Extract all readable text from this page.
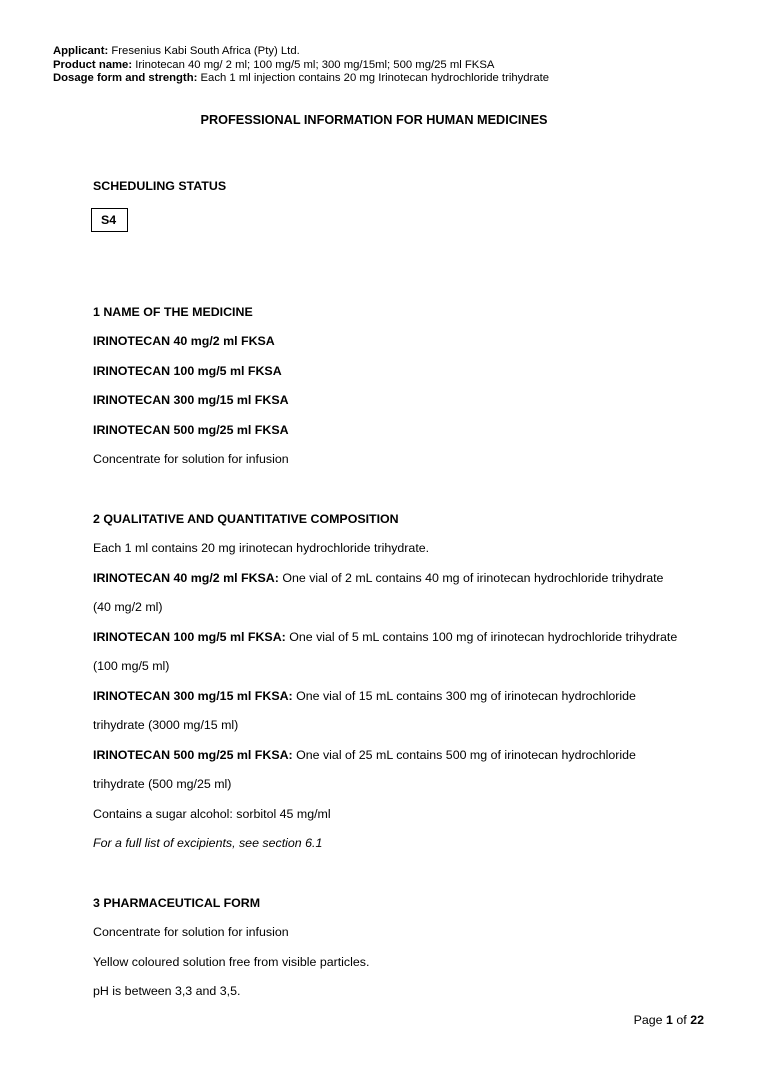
Applicant: Fresenius Kabi South Africa (Pty) Ltd.
Product name: Irinotecan 40 mg/ 2 ml; 100 mg/5 ml; 300 mg/15ml; 500 mg/25 ml FKSA
Dosage form and strength: Each 1 ml injection contains 20 mg Irinotecan hydrochloride trihydrate
PROFESSIONAL INFORMATION FOR HUMAN MEDICINES
SCHEDULING STATUS
S4
1 NAME OF THE MEDICINE
IRINOTECAN 40 mg/2 ml FKSA
IRINOTECAN 100 mg/5 ml FKSA
IRINOTECAN 300 mg/15 ml FKSA
IRINOTECAN 500 mg/25 ml FKSA
Concentrate for solution for infusion
2 QUALITATIVE AND QUANTITATIVE COMPOSITION
Each 1 ml contains 20 mg irinotecan hydrochloride trihydrate.
IRINOTECAN 40 mg/2 ml FKSA: One vial of 2 mL contains 40 mg of irinotecan hydrochloride trihydrate
(40 mg/2 ml)
IRINOTECAN 100 mg/5 ml FKSA: One vial of 5 mL contains 100 mg of irinotecan hydrochloride trihydrate
(100 mg/5 ml)
IRINOTECAN 300 mg/15 ml FKSA: One vial of 15 mL contains 300 mg of irinotecan hydrochloride
trihydrate (3000 mg/15 ml)
IRINOTECAN 500 mg/25 ml FKSA: One vial of 25 mL contains 500 mg of irinotecan hydrochloride
trihydrate (500 mg/25 ml)
Contains a sugar alcohol: sorbitol 45 mg/ml
For a full list of excipients, see section 6.1
3 PHARMACEUTICAL FORM
Concentrate for solution for infusion
Yellow coloured solution free from visible particles.
pH is between 3,3 and 3,5.
Page 1 of 22
